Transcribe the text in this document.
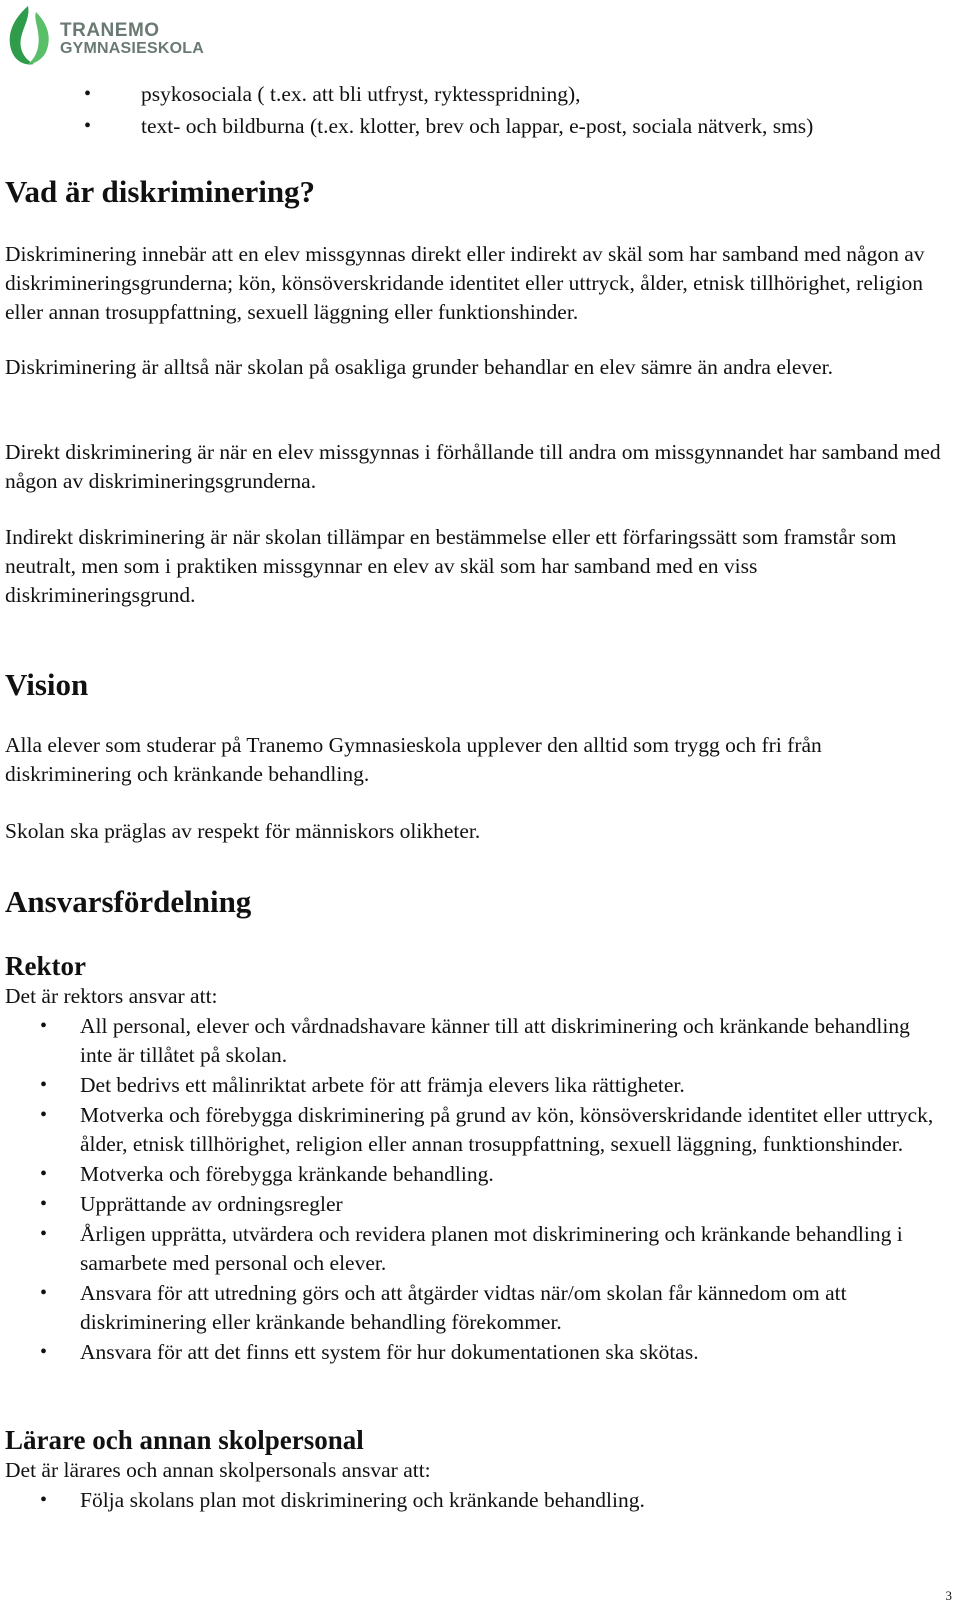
TRANEMO
GYMNASIESKOLA
• psykosociala ( t.ex. att bli utfryst, ryktesspridning),
• text- och bildburna (t.ex. klotter, brev och lappar, e-post, sociala nätverk, sms)
Vad är diskriminering?

Diskriminering innebär att en elev missgynnas direkt eller indirekt av skäl som har samband med någon av diskrimineringsgrunderna; kön, könsöverskridande identitet eller uttryck, ålder, etnisk tillhörighet, religion eller annan trosuppfattning, sexuell läggning eller funktionshinder.

Diskriminering är alltså när skolan på osakliga grunder behandlar en elev sämre än andra elever.

Direkt diskriminering är när en elev missgynnas i förhållande till andra om missgynnandet har samband med någon av diskrimineringsgrunderna.

Indirekt diskriminering är när skolan tillämpar en bestämmelse eller ett förfaringssätt som framstår som neutralt, men som i praktiken missgynnar en elev av skäl som har samband med en viss diskrimineringsgrund.

Vision

Alla elever som studerar på Tranemo Gymnasieskola upplever den alltid som trygg och fri från diskriminering och kränkande behandling.

Skolan ska präglas av respekt för människors olikheter.

Ansvarsfördelning
Rektor

Det är rektors ansvar att:

• All personal, elever och vårdnadshavare känner till att diskriminering och kränkande behandling inte är tillåtet på skolan.
• Det bedrivs ett målinriktat arbete för att främja elevers lika rättigheter.
• Motverka och förebygga diskriminering på grund av kön, könsöverskridande identitet eller uttryck, ålder, etnisk tillhörighet, religion eller annan trosuppfattning, sexuell läggning, funktionshinder.
• Motverka och förebygga kränkande behandling.
• Upprättande av ordningsregler
• Årligen upprätta, utvärdera och revidera planen mot diskriminering och kränkande behandling i samarbete med personal och elever.
• Ansvara för att utredning görs och att åtgärder vidtas när/om skolan får kännedom om att diskriminering eller kränkande behandling förekommer.
• Ansvara för att det finns ett system för hur dokumentationen ska skötas.
Lärare och annan skolpersonal

Det är lärares och annan skolpersonals ansvar att:

• Följa skolans plan mot diskriminering och kränkande behandling.
3
